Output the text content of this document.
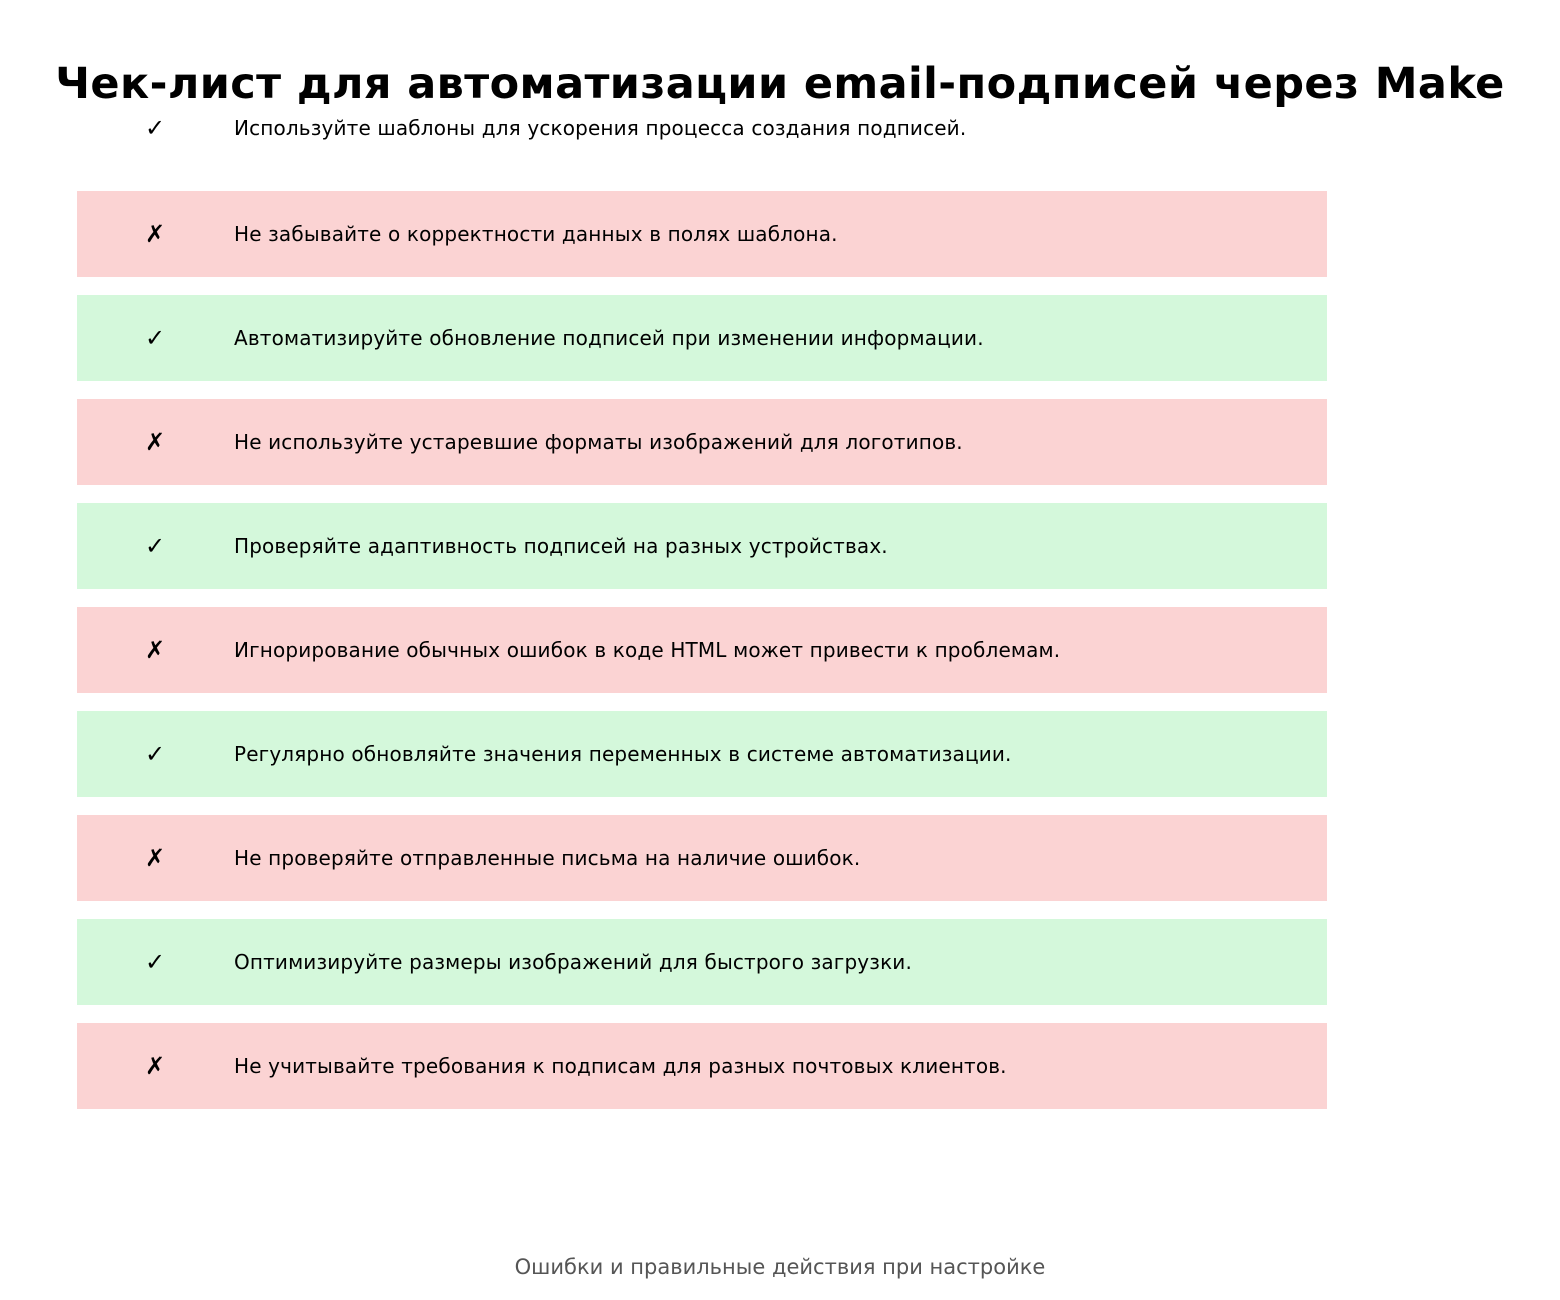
Чек-лист для автоматизации email-подписей через Make
✓	Используйте шаблоны для ускорения процесса создания подписей.
✗	Не забывайте о корректности данных в полях шаблона.
✓	Автоматизируйте обновление подписей при изменении информации.
✗	Не используйте устаревшие форматы изображений для логотипов.
✓	Проверяйте адаптивность подписей на разных устройствах.
✗	Игнорирование обычных ошибок в коде HTML может привести к проблемам.
✓	Регулярно обновляйте значения переменных в системе автоматизации.
✗	Не проверяйте отправленные письма на наличие ошибок.
✓	Оптимизируйте размеры изображений для быстрого загрузки.
✗	Не учитывайте требования к подписам для разных почтовых клиентов.
Ошибки и правильные действия при настройке
